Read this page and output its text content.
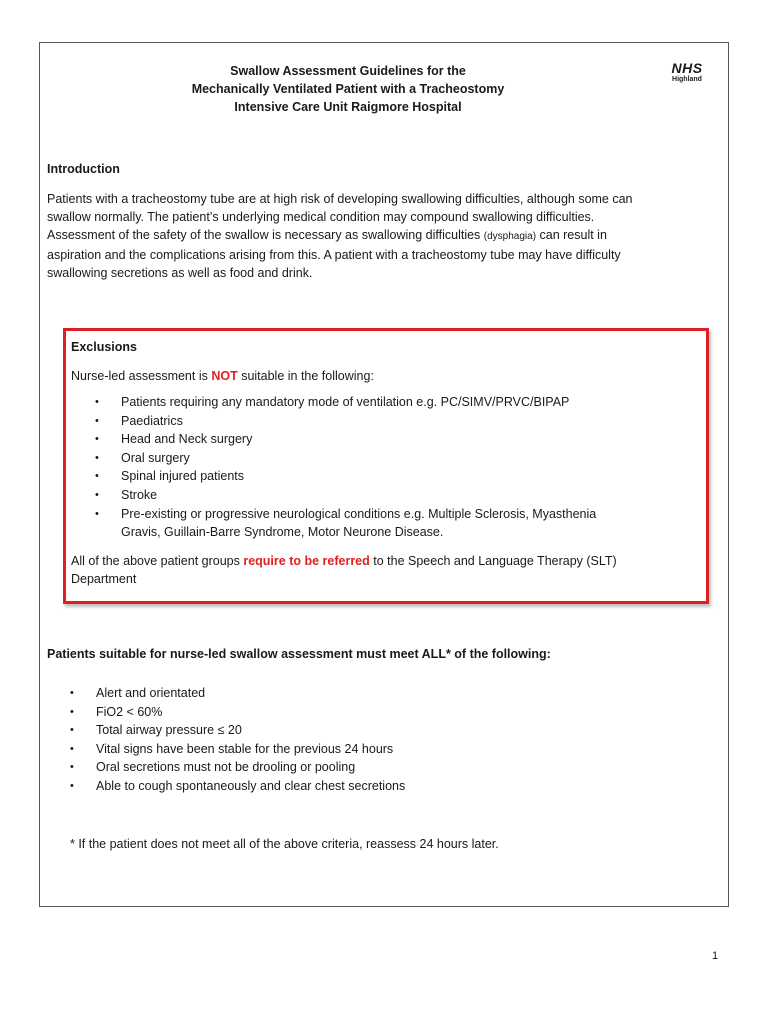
Swallow Assessment Guidelines for the
Mechanically Ventilated Patient with a Tracheostomy
Intensive Care Unit Raigmore Hospital
NHS
Highland
Introduction
Patients with a tracheostomy tube are at high risk of developing swallowing difficulties, although some can
swallow normally. The patient’s underlying medical condition may compound swallowing difficulties.
Assessment of the safety of the swallow is necessary as swallowing difficulties (dysphagia) can result in
aspiration and the complications arising from this. A patient with a tracheostomy tube may have difficulty
swallowing secretions as well as food and drink.
Exclusions
Nurse-led assessment is NOT suitable in the following:
• Patients requiring any mandatory mode of ventilation e.g. PC/SIMV/PRVC/BIPAP
• Paediatrics
• Head and Neck surgery
• Oral surgery
• Spinal injured patients
• Stroke
• Pre-existing or progressive neurological conditions e.g. Multiple Sclerosis, Myasthenia
Gravis, Guillain-Barre Syndrome, Motor Neurone Disease.
All of the above patient groups require to be referred to the Speech and Language Therapy (SLT)
Department
Patients suitable for nurse-led swallow assessment must meet ALL* of the following:
• Alert and orientated
• FiO2 < 60%
• Total airway pressure ≤ 20
• Vital signs have been stable for the previous 24 hours
• Oral secretions must not be drooling or pooling
• Able to cough spontaneously and clear chest secretions
* If the patient does not meet all of the above criteria, reassess 24 hours later.
1
